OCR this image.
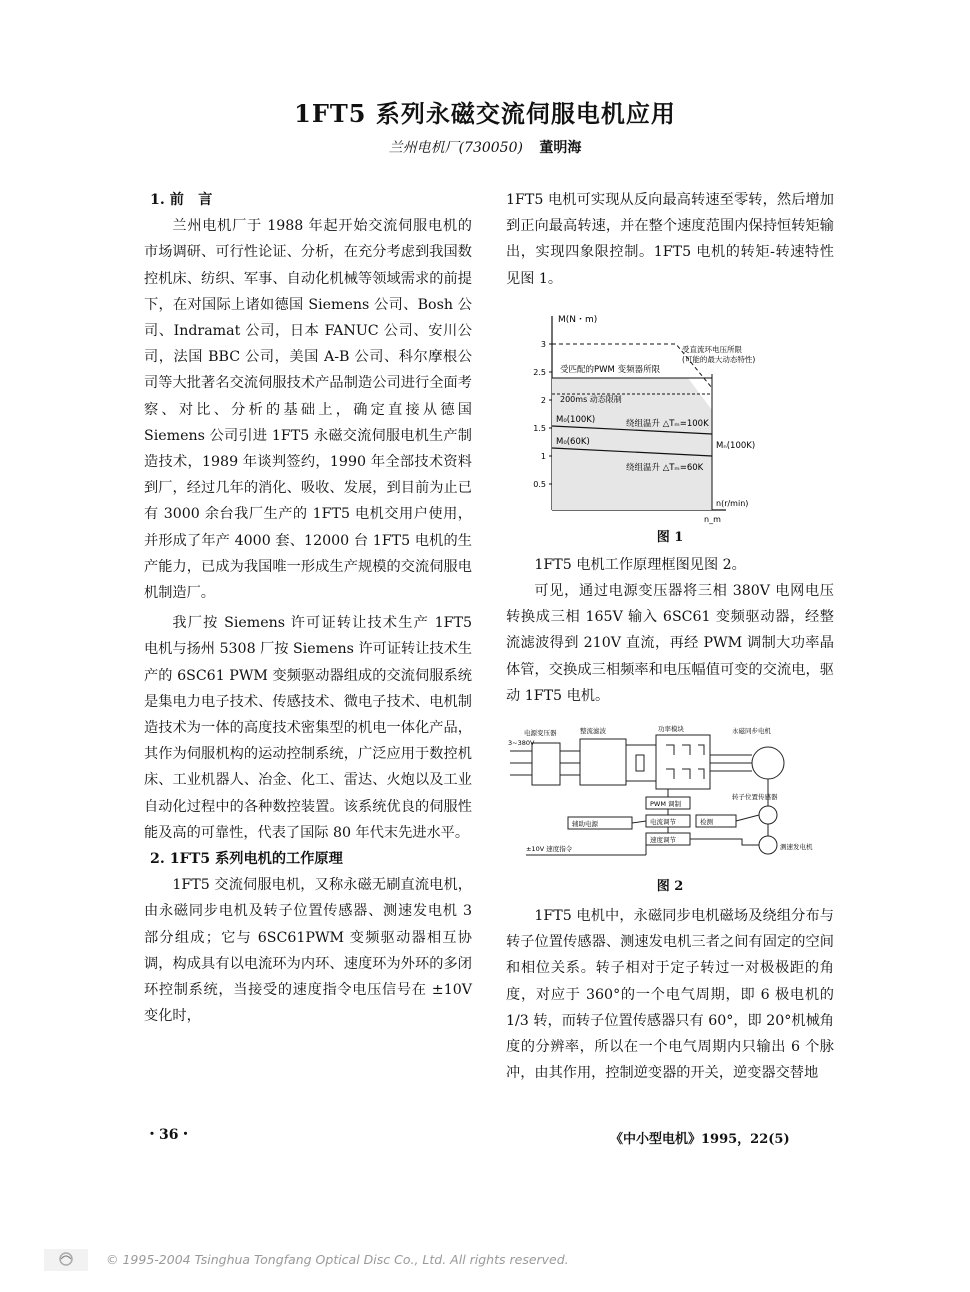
1FT5 系列永磁交流伺服电机应用
兰州电机厂(730050) 董明海
1. 前　言

兰州电机厂于 1988 年起开始交流伺服电机的市场调研、可行性论证、分析，在充分考虑到我国数控机床、纺织、军事、自动化机械等领域需求的前提下，在对国际上诸如德国 Siemens 公司、Bosh 公司、Indramat 公司，日本 FANUC 公司、安川公司，法国 BBC 公司，美国 A-B 公司、科尔摩根公司等大批著名交流伺服技术产品制造公司进行全面考察、对比、分析的基础上，确定直接从德国 Siemens 公司引进 1FT5 永磁交流伺服电机生产制造技术，1989 年谈判签约，1990 年全部技术资料到厂，经过几年的消化、吸收、发展，到目前为止已有 3000 余台我厂生产的 1FT5 电机交用户使用，并形成了年产 4000 套、12000 台 1FT5 电机的生产能力，已成为我国唯一形成生产规模的交流伺服电机制造厂。

我厂按 Siemens 许可证转让技术生产 1FT5 电机与扬州 5308 厂按 Siemens 许可证转让技术生产的 6SC61 PWM 变频驱动器组成的交流伺服系统是集电力电子技术、传感技术、微电子技术、电机制造技术为一体的高度技术密集型的机电一体化产品，其作为伺服机构的运动控制系统，广泛应用于数控机床、工业机器人、冶金、化工、雷达、火炮以及工业自动化过程中的各种数控装置。该系统优良的伺服性能及高的可靠性，代表了国际 80 年代末先进水平。

2. 1FT5 系列电机的工作原理

1FT5 交流伺服电机，又称永磁无刷直流电机，由永磁同步电机及转子位置传感器、测速发电机 3 部分组成；它与 6SC61PWM 变频驱动器相互协调，构成具有以电流环为内环、速度环为外环的多闭环控制系统，当接受的速度指令电压信号在 ±10V 变化时，

1FT5 电机可实现从反向最高转速至零转，然后增加到正向最高转速，并在整个速度范围内保持恒转矩输出，实现四象限控制。1FT5 电机的转矩-转速特性见图 1。

3
2.5
2
1.5
1
0.5
M(N・m)
n(r/min)
n_m
受匹配的PWM 变频器所限
受直流环电压所限
(可能的最大动态特性)
200ms 动态限制
M₀(100K)
M₀(60K)	Mₙ(100K)
绕组温升 △Tₘ=100K
绕组温升 △Tₘ=60K
图 1

1FT5 电机工作原理框图见图 2。

可见，通过电源变压器将三相 380V 电网电压转换成三相 165V 输入 6SC61 变频驱动器，经整流滤波得到 210V 直流，再经 PWM 调制大功率晶体管，交换成三相频率和电压幅值可变的交流电，驱动 1FT5 电机。

3~380V
电源变压器	整流滤波	功率模块	永磁同步电机
转子位置传感器
测速发电机
PWM 调制
电流调节
速度调节
辅助电源	检测
±10V 速度指令
图 2

1FT5 电机中，永磁同步电机磁场及绕组分布与转子位置传感器、测速发电机三者之间有固定的空间和相位关系。转子相对于定子转过一对极极距的角度，对应于 360°的一个电气周期，即 6 极电机的 1/3 转，而转子位置传感器只有 60°，即 20°机械角度的分辨率，所以在一个电气周期内只输出 6 个脉冲，由其作用，控制逆变器的开关，逆变器交替地

・36・	《中小型电机》1995，22(5)
© 1995-2004 Tsinghua Tongfang Optical Disc Co., Ltd. All rights reserved.
